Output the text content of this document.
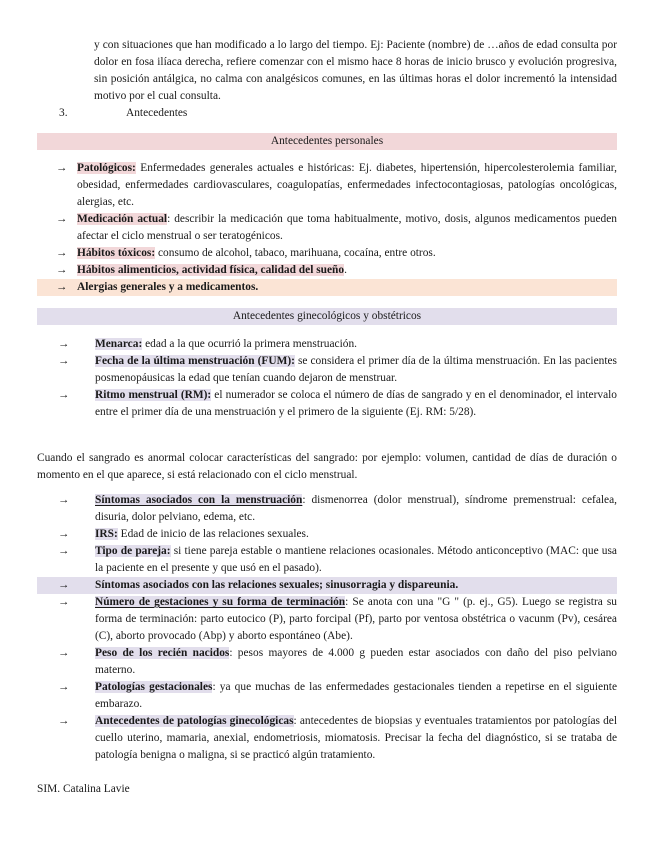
y con situaciones que han modificado a lo largo del tiempo. Ej: Paciente (nombre) de …años de edad consulta por dolor en fosa ilíaca derecha, refiere comenzar con el mismo hace 8 horas de inicio brusco y evolución progresiva, sin posición antálgica, no calma con analgésicos comunes, en las últimas horas el dolor incrementó la intensidad motivo por el cual consulta.

3.	Antecedentes
Antecedentes personales
→ Patológicos: Enfermedades generales actuales e históricas: Ej. diabetes, hipertensión, hipercolesterolemia familiar, obesidad, enfermedades cardiovasculares, coagulopatías, enfermedades infectocontagiosas, patologías oncológicas, alergias, etc.
→ Medicación actual: describir la medicación que toma habitualmente, motivo, dosis, algunos medicamentos pueden afectar el ciclo menstrual o ser teratogénicos.
→ Hábitos tóxicos: consumo de alcohol, tabaco, marihuana, cocaína, entre otros.
→ Hábitos alimenticios, actividad física, calidad del sueño.
→ Alergias generales y a medicamentos.
Antecedentes ginecológicos y obstétricos
→	Menarca: edad a la que ocurrió la primera menstruación.
→	Fecha de la última menstruación (FUM): se considera el primer día de la última menstruación. En las pacientes posmenopáusicas la edad que tenían cuando dejaron de menstruar.
→	Ritmo menstrual (RM): el numerador se coloca el número de días de sangrado y en el denominador, el intervalo entre el primer día de una menstruación y el primero de la siguiente (Ej. RM: 5/28).

Cuando el sangrado es anormal colocar características del sangrado: por ejemplo: volumen, cantidad de días de duración o momento en el que aparece, si está relacionado con el ciclo menstrual.

→	Síntomas asociados con la menstruación: dismenorrea (dolor menstrual), síndrome premenstrual: cefalea, disuria, dolor pelviano, edema, etc.
→	IRS: Edad de inicio de las relaciones sexuales.
→	Tipo de pareja: si tiene pareja estable o mantiene relaciones ocasionales. Método anticonceptivo (MAC: que usa la paciente en el presente y que usó en el pasado).
→	Síntomas asociados con las relaciones sexuales; sinusorragia y dispareunia.
→	Número de gestaciones y su forma de terminación: Se anota con una "G " (p. ej., G5). Luego se registra su forma de terminación: parto eutocico (P), parto forcipal (Pf), parto por ventosa obstétrica o vacunm (Pv), cesárea (C), aborto provocado (Abp) y aborto espontáneo (Abe).
→	Peso de los recién nacidos: pesos mayores de 4.000 g pueden estar asociados con daño del piso pelviano materno.
→	Patologías gestacionales: ya que muchas de las enfermedades gestacionales tienden a repetirse en el siguiente embarazo.
→	Antecedentes de patologías ginecológicas: antecedentes de biopsias y eventuales tratamientos por patologías del cuello uterino, mamaria, anexial, endometriosis, miomatosis. Precisar la fecha del diagnóstico, si se trataba de patología benigna o maligna, si se practicó algún tratamiento.
SIM. Catalina Lavie
